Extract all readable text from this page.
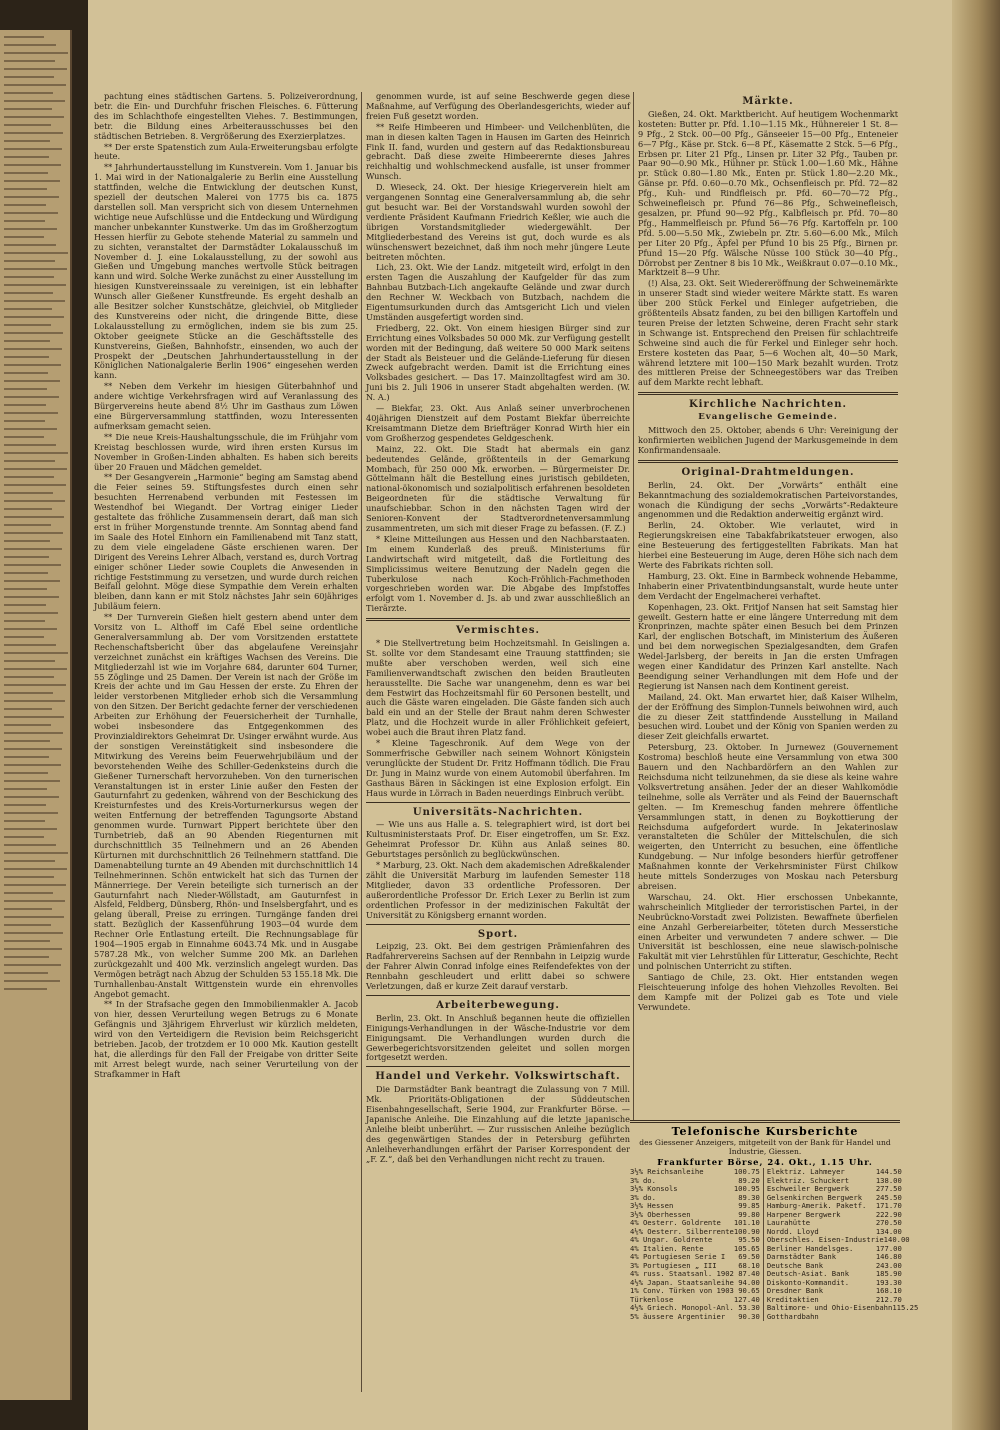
pachtung eines städtischen Gartens. 5. Polizeiverordnung, betr. die Ein- und Durchfuhr frischen Fleisches. 6. Fütterung des im Schlachthofe eingestellten Viehes. 7. Bestimmungen, betr. die Bildung eines Arbeiterausschusses bei den städtischen Betrieben. 8. Vergrößerung des Exerzierplatzes.

** Der erste Spatenstich zum Aula-Erweiterungsbau erfolgte heute.

** Jahrhundertausstellung im Kunstverein. Vom 1. Januar bis 1. Mai wird in der Nationalgalerie zu Berlin eine Ausstellung stattfinden, welche die Entwicklung der deutschen Kunst, speziell der deutschen Malerei von 1775 bis ca. 1875 darstellen soll. Man verspricht sich von diesem Unternehmen wichtige neue Aufschlüsse und die Entdeckung und Würdigung mancher unbekannter Kunstwerke. Um das im Großherzogtum Hessen hierfür zu Gebote stehende Material zu sammeln und zu sichten, veranstaltet der Darmstädter Lokalausschuß im November d. J. eine Lokalausstellung, zu der sowohl aus Gießen und Umgebung manches wertvolle Stück beitragen kann und wird. Solche Werke zunächst zu einer Ausstellung im hiesigen Kunstvereinssaale zu vereinigen, ist ein lebhafter Wunsch aller Gießener Kunstfreunde. Es ergeht deshalb an alle Besitzer solcher Kunstschätze, gleichviel, ob Mitglieder des Kunstvereins oder nicht, die dringende Bitte, diese Lokalausstellung zu ermöglichen, indem sie bis zum 25. Oktober geeignete Stücke an die Geschäftsstelle des Kunstvereins, Gießen, Bahnhofstr., einsenden, wo auch der Prospekt der „Deutschen Jahrhundertausstellung in der Königlichen Nationalgalerie Berlin 1906“ eingesehen werden kann.

** Neben dem Verkehr im hiesigen Güterbahnhof und andere wichtige Verkehrsfragen wird auf Veranlassung des Bürgervereins heute abend 8½ Uhr im Gasthaus zum Löwen eine Bürgerversammlung stattfinden, wozu Interessenten aufmerksam gemacht seien.

** Die neue Kreis-Haushaltungsschule, die im Frühjahr vom Kreistag beschlossen wurde, wird ihren ersten Kursus im November in Großen-Linden abhalten. Es haben sich bereits über 20 Frauen und Mädchen gemeldet.

** Der Gesangverein „Harmonie“ beging am Samstag abend die Feier seines 59. Stiftungsfestes durch einen sehr besuchten Herrenabend verbunden mit Festessen im Westendhof bei Wiegandt. Der Vortrag einiger Lieder gestaltete das fröhliche Zusammensein derart, daß man sich erst in früher Morgenstunde trennte. Am Sonntag abend fand im Saale des Hotel Einhorn ein Familienabend mit Tanz statt, zu dem viele eingeladene Gäste erschienen waren. Der Dirigent des Vereins Lehrer Albach, verstand es, durch Vortrag einiger schöner Lieder sowie Couplets die Anwesenden in richtige Feststimmung zu versetzen, und wurde durch reichen Beifall gelohnt. Möge diese Sympathie dem Verein erhalten bleiben, dann kann er mit Stolz nächstes Jahr sein 60jähriges Jubiläum feiern.

** Der Turnverein Gießen hielt gestern abend unter dem Vorsitz von L. Althoff im Café Ebel seine ordentliche Generalversammlung ab. Der vom Vorsitzenden erstattete Rechenschaftsbericht über das abgelaufene Vereinsjahr verzeichnet zunächst ein kräftiges Wachsen des Vereins. Die Mitgliederzahl ist wie im Vorjahre 684, darunter 604 Turner, 55 Zöglinge und 25 Damen. Der Verein ist nach der Größe im Kreis der achte und im Gau Hessen der erste. Zu Ehren der leider verstorbenen Mitglieder erhob sich die Versammlung von den Sitzen. Der Bericht gedachte ferner der verschiedenen Arbeiten zur Erhöhung der Feuersicherheit der Turnhalle, wobei insbesondere das Entgegenkommen des Provinzialdirektors Geheimrat Dr. Usinger erwähnt wurde. Aus der sonstigen Vereinstätigkeit sind insbesondere die Mitwirkung des Vereins beim Feuerwehrjubiläum und der bevorstehenden Weihe des Schiller-Gedenksteins durch die Gießener Turnerschaft hervorzuheben. Von den turnerischen Veranstaltungen ist in erster Linie außer den Festen der Gauturnfahrt zu gedenken, während von der Beschickung des Kreisturnfestes und des Kreis-Vorturnerkursus wegen der weiten Entfernung der betreffenden Tagungsorte Abstand genommen wurde. Turnwart Pippert berichtete über den Turnbetrieb, daß an 90 Abenden Riegenturnen mit durchschnittlich 35 Teilnehmern und an 26 Abenden Kürturnen mit durchschnittlich 26 Teilnehmern stattfand. Die Damenabteilung turnte an 49 Abenden mit durchschnittlich 14 Teilnehmerinnen. Schön entwickelt hat sich das Turnen der Männerriege. Der Verein beteiligte sich turnerisch an der Gauturnfahrt nach Nieder-Wöllstadt, am Gauturnfest in Alsfeld, Feldberg, Dünsberg, Rhön- und Inselsbergfahrt, und es gelang überall, Preise zu erringen. Turngänge fanden drei statt. Bezüglich der Kassenführung 1903—04 wurde dem Rechner Orle Entlastung erteilt. Die Rechnungsablage für 1904—1905 ergab in Einnahme 6043.74 Mk. und in Ausgabe 5787.28 Mk., von welcher Summe 200 Mk. an Darlehen zurückgezahlt und 400 Mk. verzinslich angelegt wurden. Das Vermögen beträgt nach Abzug der Schulden 53 155.18 Mk. Die Turnhallenbau-Anstalt Wittgenstein wurde ein ehrenvolles Angebot gemacht.

** In der Strafsache gegen den Immobilienmakler A. Jacob von hier, dessen Verurteilung wegen Betrugs zu 6 Monate Gefängnis und 3jährigem Ehrverlust wir kürzlich meldeten, wird von den Verteidigern die Revision beim Reichsgericht betrieben. Jacob, der trotzdem er 10 000 Mk. Kaution gestellt hat, die allerdings für den Fall der Freigabe von dritter Seite mit Arrest belegt wurde, nach seiner Verurteilung von der Strafkammer in Haft

genommen wurde, ist auf seine Beschwerde gegen diese Maßnahme, auf Verfügung des Oberlandesgerichts, wieder auf freien Fuß gesetzt worden.

** Reife Himbeeren und Himbeer- und Veilchenblüten, die man in diesen kalten Tagen in Hausen im Garten des Heinrich Fink II. fand, wurden und gestern auf das Redaktionsbureau gebracht. Daß diese zweite Himbeerernte dieses Jahres reichhaltig und wohlschmeckend ausfalle, ist unser frommer Wunsch.

D. Wieseck, 24. Okt. Der hiesige Kriegerverein hielt am vergangenen Sonntag eine Generalversammlung ab, die sehr gut besucht war. Bei der Vorstandswahl wurden sowohl der verdiente Präsident Kaufmann Friedrich Keßler, wie auch die übrigen Vorstandsmitglieder wiedergewählt. Der Mitgliederbestand des Vereins ist gut, doch wurde es als wünschenswert bezeichnet, daß ihm noch mehr jüngere Leute beitreten möchten.

Lich, 23. Okt. Wie der Landz. mitgeteilt wird, erfolgt in den ersten Tagen die Auszahlung der Kaufgelder für das zum Bahnbau Butzbach-Lich angekaufte Gelände und zwar durch den Rechner W. Weckbach von Butzbach, nachdem die Eigentumsurkunden durch das Amtsgericht Lich und vielen Umständen ausgefertigt worden sind.

Friedberg, 22. Okt. Von einem hiesigen Bürger sind zur Errichtung eines Volksbades 50 000 Mk. zur Verfügung gestellt worden mit der Bedingung, daß weitere 50 000 Mark seitens der Stadt als Beisteuer und die Gelände-Lieferung für diesen Zweck aufgebracht werden. Damit ist die Errichtung eines Volksbades gesichert. — Das 17. Mainzolltagfest wird am 30. Juni bis 2. Juli 1906 in unserer Stadt abgehalten werden. (W. N. A.)

— Biekfar, 23. Okt. Aus Anlaß seiner unverbrochenen 40jährigen Dienstzeit auf dem Postamt Biekfar überreichte Kreisamtmann Dietze dem Briefträger Konrad Wirth hier ein vom Großherzog gespendetes Geldgeschenk.

Mainz, 22. Okt. Die Stadt hat abermals ein ganz bedeutendes Gelände, größtenteils in der Gemarkung Mombach, für 250 000 Mk. erworben. — Bürgermeister Dr. Göttelmann hält die Bestellung eines juristisch gebildeten, national-ökonomisch und sozialpolitisch erfahrenen besoldeten Beigeordneten für die städtische Verwaltung für unaufschiebbar. Schon in den nächsten Tagen wird der Senioren-Konvent der Stadtverordnetenversammlung zusammentreten, um sich mit dieser Frage zu befassen. (F. Z.)

* Kleine Mitteilungen aus Hessen und den Nachbarstaaten. Im einem Kunderlaß des preuß. Ministeriums für Landwirtschaft wird mitgeteilt, daß die Fortleitung des Simplicissimus weitere Benutzung der Nadeln gegen die Tuberkulose nach Koch-Fröhlich-Fachmethoden vorgeschrieben worden war. Die Abgabe des Impfstoffes erfolgt vom 1. November d. Js. ab und zwar ausschließlich an Tierärzte.

Vermischtes.

* Die Stellvertretung beim Hochzeitsmahl. In Geislingen a. St. sollte vor dem Standesamt eine Trauung stattfinden; sie mußte aber verschoben werden, weil sich eine Familienverwandtschaft zwischen den beiden Brautleuten herausstellte. Die Sache war unangenehm, denn es war bei dem Festwirt das Hochzeitsmahl für 60 Personen bestellt, und auch die Gäste waren eingeladen. Die Gäste fanden sich auch bald ein und an der Stelle der Braut nahm deren Schwester Platz, und die Hochzeit wurde in aller Fröhlichkeit gefeiert, wobei auch die Braut ihren Platz fand.

* Kleine Tageschronik. Auf dem Wege von der Sommerfrische Gebwiller nach seinem Wohnort Königstein verunglückte der Student Dr. Fritz Hoffmann tödlich. Die Frau Dr. Jung in Mainz wurde von einem Automobil überfahren. Im Gasthaus Bären in Säckingen ist eine Explosion erfolgt. Ein Haus wurde in Lörrach in Baden neuerdings Einbruch verübt.

Universitäts-Nachrichten.

— Wie uns aus Halle a. S. telegraphiert wird, ist dort bei Kultusministerstaats Prof. Dr. Eiser eingetroffen, um Sr. Exz. Geheimrat Professor Dr. Kühn aus Anlaß seines 80. Geburtstages persönlich zu beglückwünschen.

* Marburg, 23. Okt. Nach dem akademischen Adreßkalender zählt die Universität Marburg im laufenden Semester 118 Mitglieder, davon 33 ordentliche Professoren. Der außerordentliche Professor Dr. Erich Lexer zu Berlin ist zum ordentlichen Professor in der medizinischen Fakultät der Universität zu Königsberg ernannt worden.

Sport.

Leipzig, 23. Okt. Bei dem gestrigen Prämienfahren des Radfahrervereins Sachsen auf der Rennbahn in Leipzig wurde der Fahrer Alwin Conrad infolge eines Reifendefektes von der Rennbahn geschleudert und erlitt dabei so schwere Verletzungen, daß er kurze Zeit darauf verstarb.

Arbeiterbewegung.

Berlin, 23. Okt. In Anschluß begannen heute die offiziellen Einigungs-Verhandlungen in der Wäsche-Industrie vor dem Einigungsamt. Die Verhandlungen wurden durch die Gewerbegerichtsvorsitzenden geleitet und sollen morgen fortgesetzt werden.

Handel und Verkehr. Volkswirtschaft.

Die Darmstädter Bank beantragt die Zulassung von 7 Mill. Mk. Prioritäts-Obligationen der Süddeutschen Eisenbahngesellschaft, Serie 1904, zur Frankfurter Börse. — Japanische Anleihe. Die Einzahlung auf die letzte japanische Anleihe bleibt unberührt. — Zur russischen Anleihe bezüglich des gegenwärtigen Standes der in Petersburg geführten Anleiheverhandlungen erfährt der Pariser Korrespondent der „F. Z.“, daß bei den Verhandlungen nicht recht zu trauen.

Märkte.

Gießen, 24. Okt. Marktbericht. Auf heutigem Wochenmarkt kosteten: Butter pr. Pfd. 1.10—1.15 Mk., Hühnereier 1 St. 8—9 Pfg., 2 Stck. 00—00 Pfg., Gänseeier 15—00 Pfg., Enteneier 6—7 Pfg., Käse pr. Stck. 6—8 Pf., Käsematte 2 Stck. 5—6 Pfg., Erbsen pr. Liter 21 Pfg., Linsen pr. Liter 32 Pfg., Tauben pr. Paar 90—0.90 Mk., Hühner pr. Stück 1.00—1.60 Mk., Hähne pr. Stück 0.80—1.80 Mk., Enten pr. Stück 1.80—2.20 Mk., Gänse pr. Pfd. 0.60—0.70 Mk., Ochsenfleisch pr. Pfd. 72—82 Pfg., Kuh- und Rindfleisch pr. Pfd. 60—70—72 Pfg., Schweinefleisch pr. Pfund 76—86 Pfg., Schweinefleisch, gesalzen, pr. Pfund 90—92 Pfg., Kalbfleisch pr. Pfd. 70—80 Pfg., Hammelfleisch pr. Pfund 56—76 Pfg. Kartoffeln pr. 100 Pfd. 5.00—5.50 Mk., Zwiebeln pr. Ztr. 5.60—6.00 Mk., Milch per Liter 20 Pfg., Äpfel per Pfund 10 bis 25 Pfg., Birnen pr. Pfund 15—20 Pfg. Wälsche Nüsse 100 Stück 30—40 Pfg., Dörrobst per Zentner 8 bis 10 Mk., Weißkraut 0.07—0.10 Mk., Marktzeit 8—9 Uhr.

(!) Alsa, 23. Okt. Seit Wiedereröffnung der Schweinemärkte in unserer Stadt sind wieder weitere Märkte statt. Es waren über 200 Stück Ferkel und Einleger aufgetrieben, die größtenteils Absatz fanden, zu bei den billigen Kartoffeln und teuren Preise der letzten Schweine, deren Fracht sehr stark in Schwange ist. Entsprechend den Preisen für schlachtreife Schweine sind auch die für Ferkel und Einleger sehr hoch. Erstere kosteten das Paar, 5—6 Wochen alt, 40—50 Mark, während letztere mit 100—150 Mark bezahlt wurden. Trotz des mittleren Preise der Schneegestöbers war das Treiben auf dem Markte recht lebhaft.

Kirchliche Nachrichten.
Evangelische Gemeinde.

Mittwoch den 25. Oktober, abends 6 Uhr: Vereinigung der konfirmierten weiblichen Jugend der Markusgemeinde in dem Konfirmandensaale.

Original-Drahtmeldungen.

Berlin, 24. Okt. Der „Vorwärts“ enthält eine Bekanntmachung des sozialdemokratischen Parteivorstandes, wonach die Kündigung der sechs „Vorwärts“-Redakteure angenommen und die Redaktion anderweitig ergänzt wird.

Berlin, 24. Oktober. Wie verlautet, wird in Regierungskreisen eine Tabakfabrikatsteuer erwogen, also eine Besteuerung des fertiggestellten Fabrikats. Man hat hierbei eine Besteuerung im Auge, deren Höhe sich nach dem Werte des Fabrikats richten soll.

Hamburg, 23. Okt. Eine in Barmbeck wohnende Hebamme, Inhaberin einer Privatentbindungsanstalt, wurde heute unter dem Verdacht der Engelmacherei verhaftet.

Kopenhagen, 23. Okt. Fritjof Nansen hat seit Samstag hier geweilt. Gestern hatte er eine längere Unterredung mit dem Kronprinzen, machte später einen Besuch bei dem Prinzen Karl, der englischen Botschaft, im Ministerium des Äußeren und bei dem norwegischen Spezialgesandten, dem Grafen Wedel-Jarlsberg, der bereits in Jan die ersten Umfragen wegen einer Kandidatur des Prinzen Karl anstellte. Nach Beendigung seiner Verhandlungen mit dem Hofe und der Regierung ist Nansen nach dem Kontinent gereist.

Mailand, 24. Okt. Man erwartet hier, daß Kaiser Wilhelm, der der Eröffnung des Simplon-Tunnels beiwohnen wird, auch die zu dieser Zeit stattfindende Ausstellung in Mailand besuchen wird. Loubet und der König von Spanien werden zu dieser Zeit gleichfalls erwartet.

Petersburg, 23. Oktober. In Jurnewez (Gouvernement Kostroma) beschloß heute eine Versammlung von etwa 300 Bauern und den Nachbardörfern an den Wahlen zur Reichsduma nicht teilzunehmen, da sie diese als keine wahre Volksvertretung ansähen. Jeder der an dieser Wahlkomödie teilnehme, solle als Verräter und als Feind der Bauernschaft gelten. — Im Kremeschug fanden mehrere öffentliche Versammlungen statt, in denen zu Boykottierung der Reichsduma aufgefordert wurde. In Jekaterinoslaw veranstalteten die Schüler der Mittelschulen, die sich weigerten, den Unterricht zu besuchen, eine öffentliche Kundgebung. — Nur infolge besonders hierfür getroffener Maßnahmen konnte der Verkehrsminister Fürst Chilkow heute mittels Sonderzuges von Moskau nach Petersburg abreisen.

Warschau, 24. Okt. Hier erschossen Unbekannte, wahrscheinlich Mitglieder der terroristischen Partei, in der Neubrückno-Vorstadt zwei Polizisten. Bewaffnete überfielen eine Anzahl Gerbereiarbeiter, töteten durch Messerstiche einen Arbeiter und verwundeten 7 andere schwer. — Die Universität ist beschlossen, eine neue slawisch-polnische Fakultät mit vier Lehrstühlen für Litteratur, Geschichte, Recht und polnischen Unterricht zu stiften.

Santiago de Chile, 23. Okt. Hier entstanden wegen Fleischteuerung infolge des hohen Viehzolles Revolten. Bei dem Kampfe mit der Polizei gab es Tote und viele Verwundete.

Telefonische Kursberichte
des Giessener Anzeigers, mitgeteilt von der Bank für Handel und Industrie, Giessen.
Frankfurter Börse, 24. Okt., 1.15 Uhr.
3½% Reichsanleihe	100.75
3% do.	89.20
3½% Konsols	100.95
3% do.	89.30
3½% Hessen	99.85
3½% Oberhessen	99.80
4% Oesterr. Goldrente 101.10
4⅕% Oesterr. Silberrente 100.90
4% Ungar. Goldrente	95.50
4% Italien. Rente	105.65
4% Portugiesen Serie I 69.50
3% Portugiesen „ III	68.10
4% russ. Staatsanl. 1902 87.40
4½% Japan. Staatsanleihe 94.00
1% Conv. Türken von 1903 90.65
Türkenlose	127.40
4½% Griech. Monopol-Anl. 53.30
5% äussere Argentinier 90.30
Elektriz. Lahmeyer	144.50
Elektriz. Schuckert	138.00
Eschweiler Bergwerk	277.50
Gelsenkirchen Bergwerk 245.50
Hamburg-Amerik. Paketf. 171.70
Harpener Bergwerk	222.90
Laurahütte	270.50
Nordd. Lloyd	134.00
Oberschles. Eisen-Industrie 140.00
Berliner Handelsges.	177.00
Darmstädter Bank	146.80
Deutsche Bank	243.00
Deutsch-Asiat. Bank	185.90
Diskonto-Kommandit.	193.30
Dresdner Bank	168.10
Kreditaktien	212.70
Baltimore- und Ohio-Eisenbahn 115.25
Gotthardbahn
